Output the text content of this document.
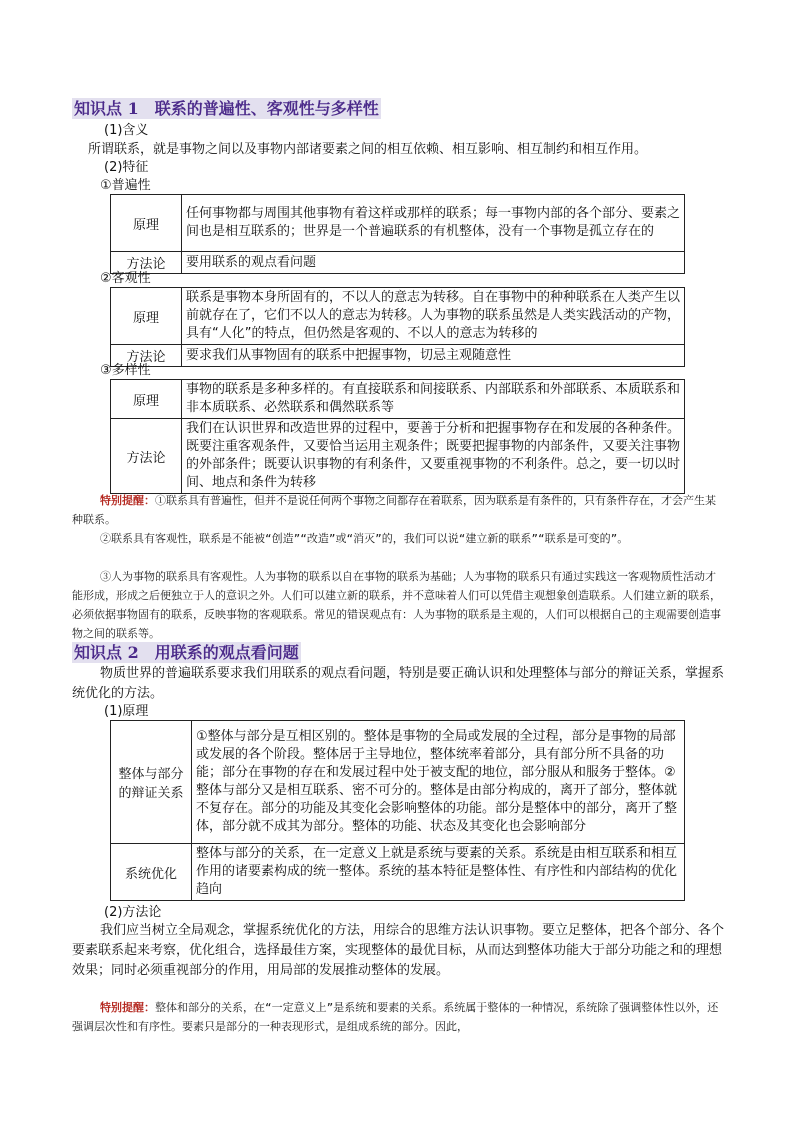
知识点 1　联系的普遍性、客观性与多样性
(1)含义
所谓联系，就是事物之间以及事物内部诸要素之间的相互依赖、相互影响、相互制约和相互作用。
(2)特征
①普遍性
原理	任何事物都与周围其他事物有着这样或那样的联系；每一事物内部的各个部分、要素之间也是相互联系的；世界是一个普遍联系的有机整体，没有一个事物是孤立存在的
方法论	要用联系的观点看问题
②客观性
原理	联系是事物本身所固有的，不以人的意志为转移。自在事物中的种种联系在人类产生以前就存在了，它们不以人的意志为转移。人为事物的联系虽然是人类实践活动的产物，具有“人化”的特点，但仍然是客观的、不以人的意志为转移的
方法论	要求我们从事物固有的联系中把握事物，切忌主观随意性
③多样性
原理	事物的联系是多种多样的。有直接联系和间接联系、内部联系和外部联系、本质联系和非本质联系、必然联系和偶然联系等
方法论	我们在认识世界和改造世界的过程中，要善于分析和把握事物存在和发展的各种条件。既要注重客观条件，又要恰当运用主观条件；既要把握事物的内部条件，又要关注事物的外部条件；既要认识事物的有利条件，又要重视事物的不利条件。总之，要一切以时间、地点和条件为转移
特别提醒：①联系具有普遍性，但并不是说任何两个事物之间都存在着联系，因为联系是有条件的，只有条件存在，才会产生某种联系。
②联系具有客观性，联系是不能被“创造”“改造”或“消灭”的，我们可以说“建立新的联系”“联系是可变的”。
③人为事物的联系具有客观性。人为事物的联系以自在事物的联系为基础；人为事物的联系只有通过实践这一客观物质性活动才能形成，形成之后便独立于人的意识之外。人们可以建立新的联系，并不意味着人们可以凭借主观想象创造联系。人们建立新的联系，必须依据事物固有的联系，反映事物的客观联系。常见的错误观点有：人为事物的联系是主观的，人们可以根据自己的主观需要创造事物之间的联系等。
知识点 2　用联系的观点看问题
物质世界的普遍联系要求我们用联系的观点看问题，特别是要正确认识和处理整体与部分的辩证关系，掌握系统优化的方法。
(1)原理
整体与部分的辩证关系	①整体与部分是互相区别的。整体是事物的全局或发展的全过程，部分是事物的局部或发展的各个阶段。整体居于主导地位，整体统率着部分，具有部分所不具备的功能；部分在事物的存在和发展过程中处于被支配的地位，部分服从和服务于整体。②整体与部分又是相互联系、密不可分的。整体是由部分构成的，离开了部分，整体就不复存在。部分的功能及其变化会影响整体的功能。部分是整体中的部分，离开了整体，部分就不成其为部分。整体的功能、状态及其变化也会影响部分
系统优化	整体与部分的关系，在一定意义上就是系统与要素的关系。系统是由相互联系和相互作用的诸要素构成的统一整体。系统的基本特征是整体性、有序性和内部结构的优化趋向
(2)方法论
我们应当树立全局观念，掌握系统优化的方法，用综合的思维方法认识事物。要立足整体，把各个部分、各个要素联系起来考察，优化组合，选择最佳方案，实现整体的最优目标，从而达到整体功能大于部分功能之和的理想效果；同时必须重视部分的作用，用局部的发展推动整体的发展。
特别提醒：整体和部分的关系，在“一定意义上”是系统和要素的关系。系统属于整体的一种情况，系统除了强调整体性以外，还强调层次性和有序性。要素只是部分的一种表现形式，是组成系统的部分。因此，
